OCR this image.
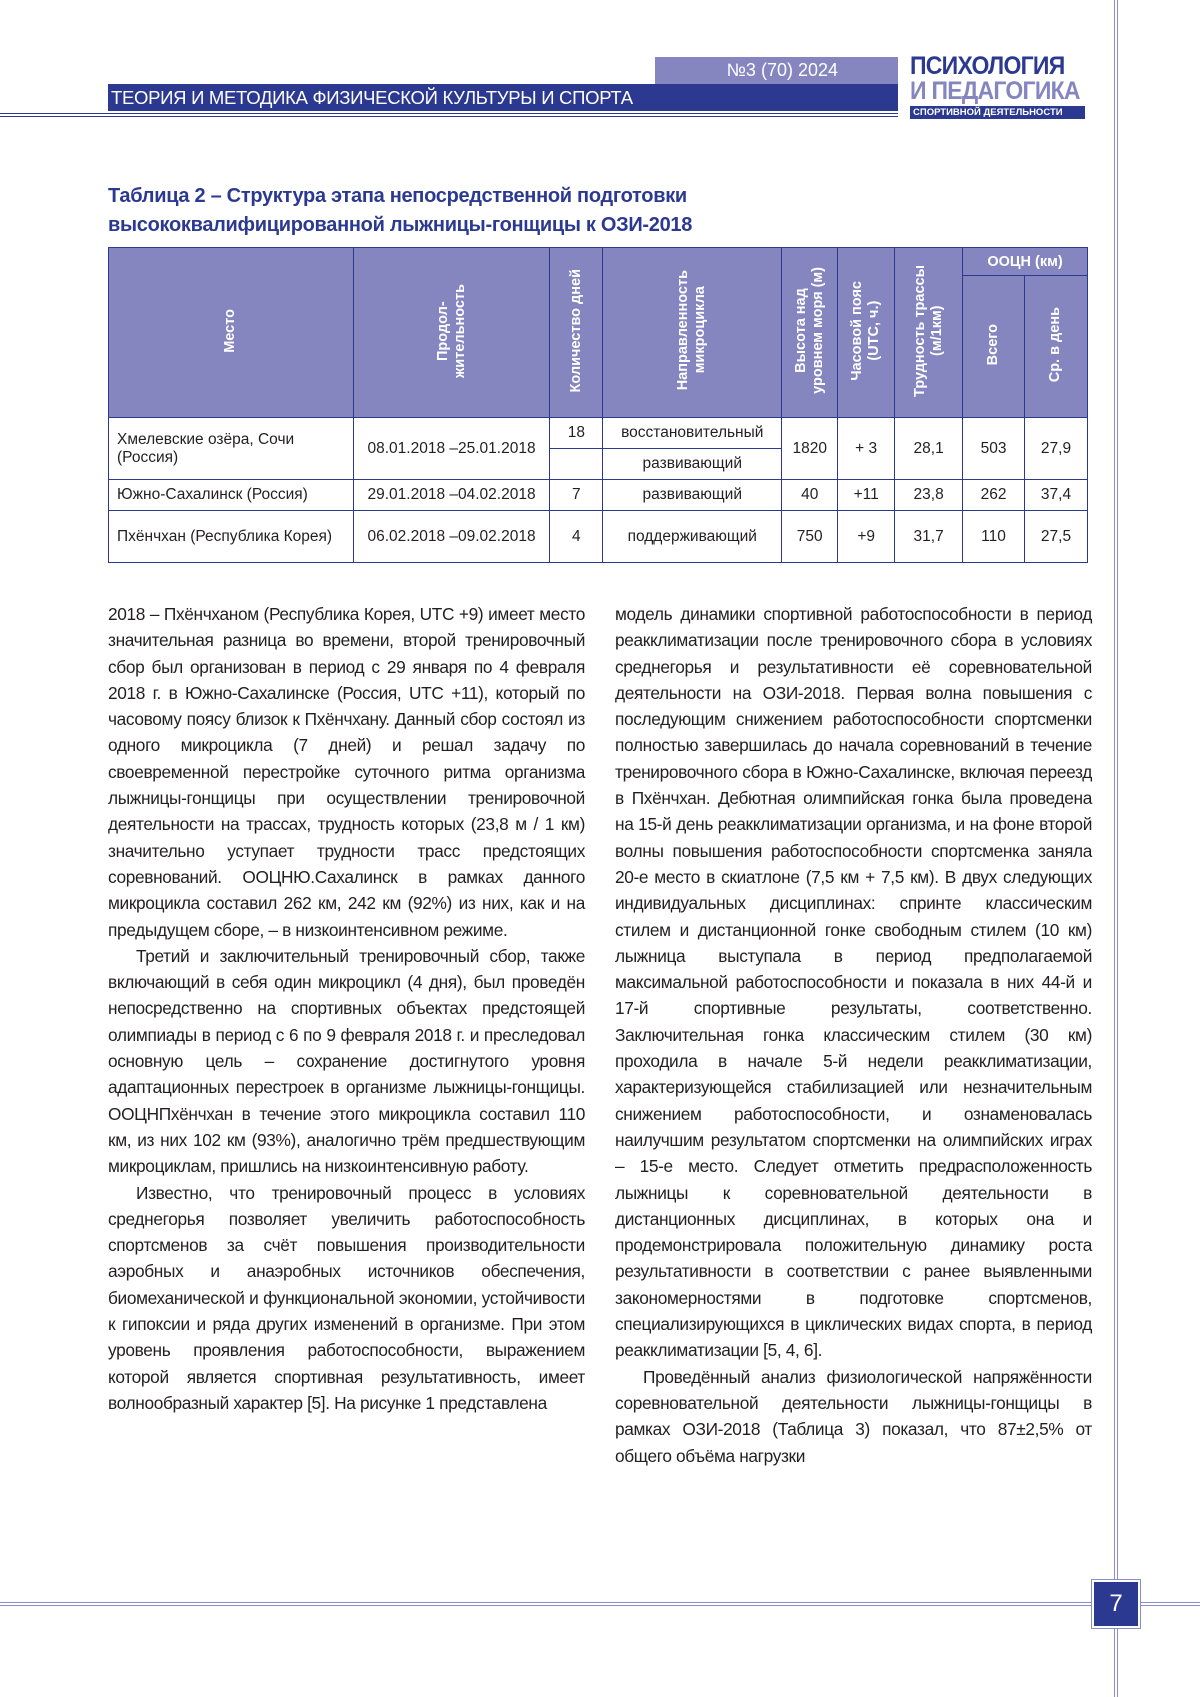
7
№3 (70) 2024
ТЕОРИЯ И МЕТОДИКА ФИЗИЧЕСКОЙ КУЛЬТУРЫ И СПОРТА
ПСИХОЛОГИЯ
И ПЕДАГОГИКА
СПОРТИВНОЙ ДЕЯТЕЛЬНОСТИ
Таблица 2 – Структура этапа непосредственной подготовки
высококвалифицированной лыжницы-гонщицы к ОЗИ-2018
Место	Продол-
жительность	Количество дней	Направленность
микроцикла	Высота над
уровнем моря (м)	Часовой пояс
(UTC, ч.)	Трудность трассы
(м/1км)	ООЦН (км)
Всего	Ср. в день
Хмелевские озёра, Сочи (Россия)	08.01.2018 –25.01.2018	18	восстановительный	1820	+ 3	28,1	503	27,9
	развивающий
Южно-Сахалинск (Россия)	29.01.2018 –04.02.2018	7	развивающий	40	+11	23,8	262	37,4
Пхёнчхан (Республика Корея)	06.02.2018 –09.02.2018	4	поддерживающий	750	+9	31,7	110	27,5

2018 – Пхёнчханом (Республика Корея, UTC +9) имеет место значительная разница во времени, второй тренировочный сбор был организован в период с 29 января по 4 февраля 2018 г. в Южно-Сахалинске (Россия, UTC +11), который по часовому поясу близок к Пхёнчхану. Данный сбор состоял из одного микроцикла (7 дней) и решал задачу по своевременной перестройке суточного ритма организма лыжницы-гонщицы при осуществлении тренировочной деятельности на трассах, трудность которых (23,8 м / 1 км) значительно уступает трудности трасс предстоящих соревнований. ООЦНЮ.Сахалинск в рамках данного микроцикла составил 262 км, 242 км (92%) из них, как и на предыдущем сборе, – в низкоинтенсивном режиме.

Третий и заключительный тренировочный сбор, также включающий в себя один микроцикл (4 дня), был проведён непосредственно на спортивных объектах предстоящей олимпиады в период с 6 по 9 февраля 2018 г. и преследовал основную цель – сохранение достигнутого уровня адаптационных перестроек в организме лыжницы-гонщицы. ООЦНПхёнчхан в течение этого микроцикла составил 110 км, из них 102 км (93%), аналогично трём предшествующим микроциклам, пришлись на низкоинтенсивную работу.

Известно, что тренировочный процесс в условиях среднегорья позволяет увеличить работоспособность спортсменов за счёт повышения производительности аэробных и анаэробных источников обеспечения, биомеханической и функциональной экономии, устойчивости к гипоксии и ряда других изменений в организме. При этом уровень проявления работоспособности, выражением которой является спортивная результативность, имеет волнообразный характер [5]. На рисунке 1 представлена

модель динамики спортивной работоспособности в период реакклиматизации после тренировочного сбора в условиях среднегорья и результативности её соревновательной деятельности на ОЗИ-2018. Первая волна повышения с последующим снижением работоспособности спортсменки полностью завершилась до начала соревнований в течение тренировочного сбора в Южно-Сахалинске, включая переезд в Пхёнчхан. Дебютная олимпийская гонка была проведена на 15-й день реакклиматизации организма, и на фоне второй волны повышения работоспособности спортсменка заняла 20-е место в скиатлоне (7,5 км + 7,5 км). В двух следующих индивидуальных дисциплинах: спринте классическим стилем и дистанционной гонке свободным стилем (10 км) лыжница выступала в период предполагаемой максимальной работоспособности и показала в них 44-й и 17-й спортивные результаты, соответственно. Заключительная гонка классическим стилем (30 км) проходила в начале 5-й недели реакклиматизации, характеризующейся стабилизацией или незначительным снижением работоспособности, и ознаменовалась наилучшим результатом спортсменки на олимпийских играх – 15-е место. Следует отметить предрасположенность лыжницы к соревновательной деятельности в дистанционных дисциплинах, в которых она и продемонстрировала положительную динамику роста результативности в соответствии с ранее выявленными закономерностями в подготовке спортсменов, специализирующихся в циклических видах спорта, в период реакклиматизации [5, 4, 6].

Проведённый анализ физиологической напряжённости соревновательной деятельности лыжницы-гонщицы в рамках ОЗИ-2018 (Таблица 3) показал, что 87±2,5% от общего объёма нагрузки
